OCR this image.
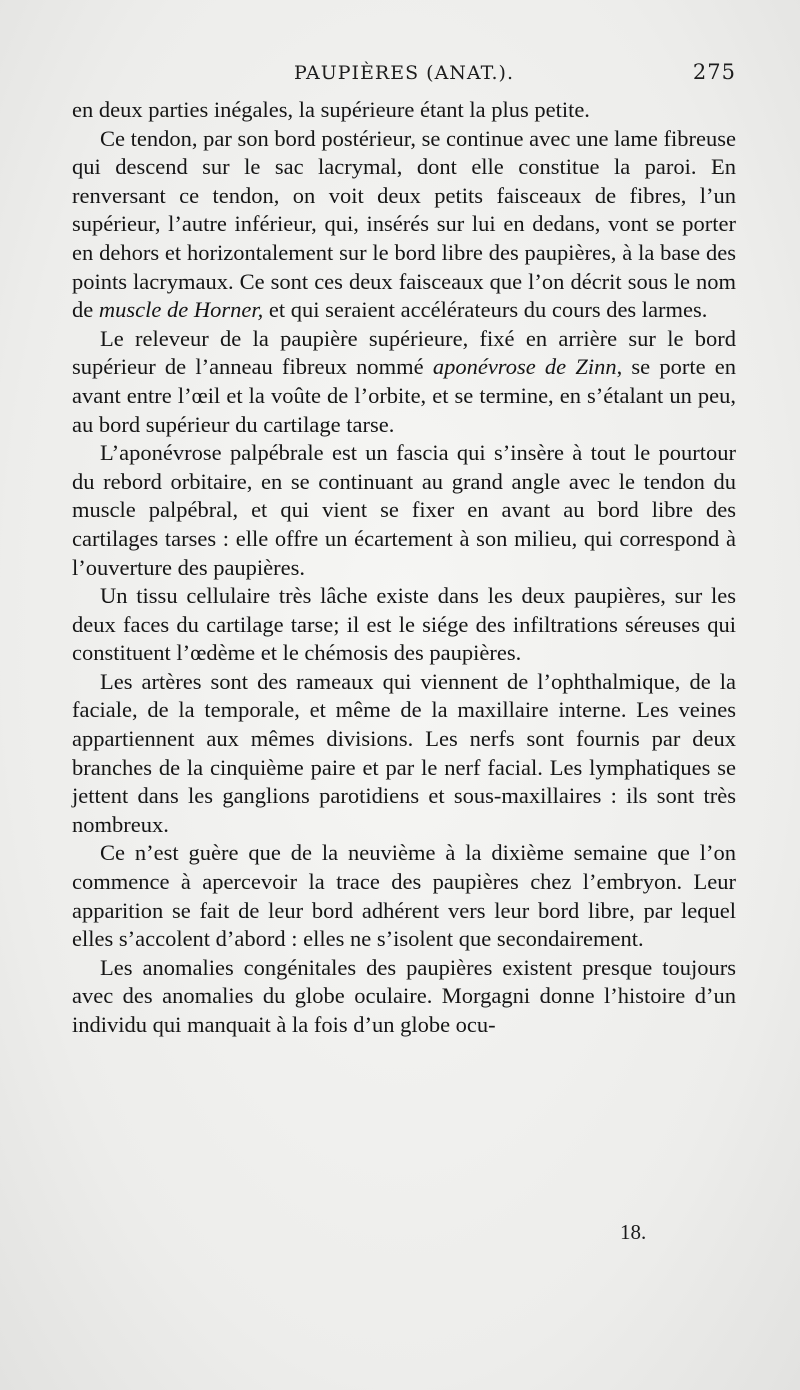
PAUPIÈRES (ANAT.).	275

en deux parties inégales, la supérieure étant la plus petite.

Ce tendon, par son bord postérieur, se continue avec une lame fibreuse qui descend sur le sac lacrymal, dont elle constitue la paroi. En renversant ce tendon, on voit deux petits faisceaux de fibres, l’un supérieur, l’autre inférieur, qui, insérés sur lui en dedans, vont se porter en dehors et horizontalement sur le bord libre des paupières, à la base des points lacrymaux. Ce sont ces deux faisceaux que l’on décrit sous le nom de muscle de Horner, et qui seraient accélérateurs du cours des larmes.

Le releveur de la paupière supérieure, fixé en arrière sur le bord supérieur de l’anneau fibreux nommé aponévrose de Zinn, se porte en avant entre l’œil et la voûte de l’orbite, et se termine, en s’étalant un peu, au bord supérieur du cartilage tarse.

L’aponévrose palpébrale est un fascia qui s’insère à tout le pourtour du rebord orbitaire, en se continuant au grand angle avec le tendon du muscle palpébral, et qui vient se fixer en avant au bord libre des cartilages tarses : elle offre un écartement à son milieu, qui correspond à l’ouverture des paupières.

Un tissu cellulaire très lâche existe dans les deux paupières, sur les deux faces du cartilage tarse; il est le siége des infiltrations séreuses qui constituent l’œdème et le chémosis des paupières.

Les artères sont des rameaux qui viennent de l’ophthalmique, de la faciale, de la temporale, et même de la maxillaire interne. Les veines appartiennent aux mêmes divisions. Les nerfs sont fournis par deux branches de la cinquième paire et par le nerf facial. Les lymphatiques se jettent dans les ganglions parotidiens et sous-maxillaires : ils sont très nombreux.

Ce n’est guère que de la neuvième à la dixième semaine que l’on commence à apercevoir la trace des paupières chez l’embryon. Leur apparition se fait de leur bord adhérent vers leur bord libre, par lequel elles s’accolent d’abord : elles ne s’isolent que secondairement.

Les anomalies congénitales des paupières existent presque toujours avec des anomalies du globe oculaire. Morgagni donne l’histoire d’un individu qui manquait à la fois d’un globe ocu-

18.
